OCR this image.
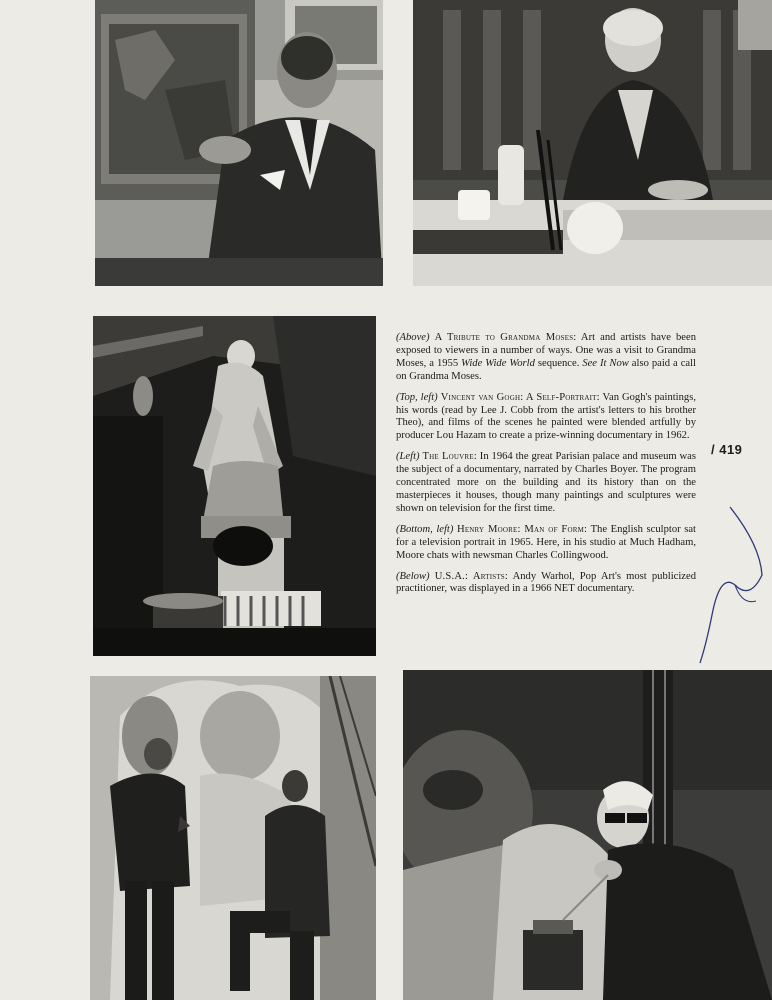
(Above) A Tribute to Grandma Moses: Art and artists have been exposed to viewers in a number of ways. One was a visit to Grandma Moses, a 1955 Wide Wide World sequence. See It Now also paid a call on Grandma Moses.

(Top, left) Vincent van Gogh: A Self-Portrait: Van Gogh's paintings, his words (read by Lee J. Cobb from the artist's letters to his brother Theo), and films of the scenes he painted were blended artfully by producer Lou Hazam to create a prize-winning documentary in 1962.

(Left) The Louvre: In 1964 the great Parisian palace and museum was the subject of a documentary, narrated by Charles Boyer. The program concentrated more on the building and its history than on the masterpieces it houses, though many paintings and sculptures were shown on television for the first time.

(Bottom, left) Henry Moore: Man of Form: The English sculptor sat for a television portrait in 1965. Here, in his studio at Much Hadham, Moore chats with newsman Charles Collingwood.

(Below) U.S.A.: Artists: Andy Warhol, Pop Art's most publicized practitioner, was displayed in a 1966 NET documentary.

/ 419
